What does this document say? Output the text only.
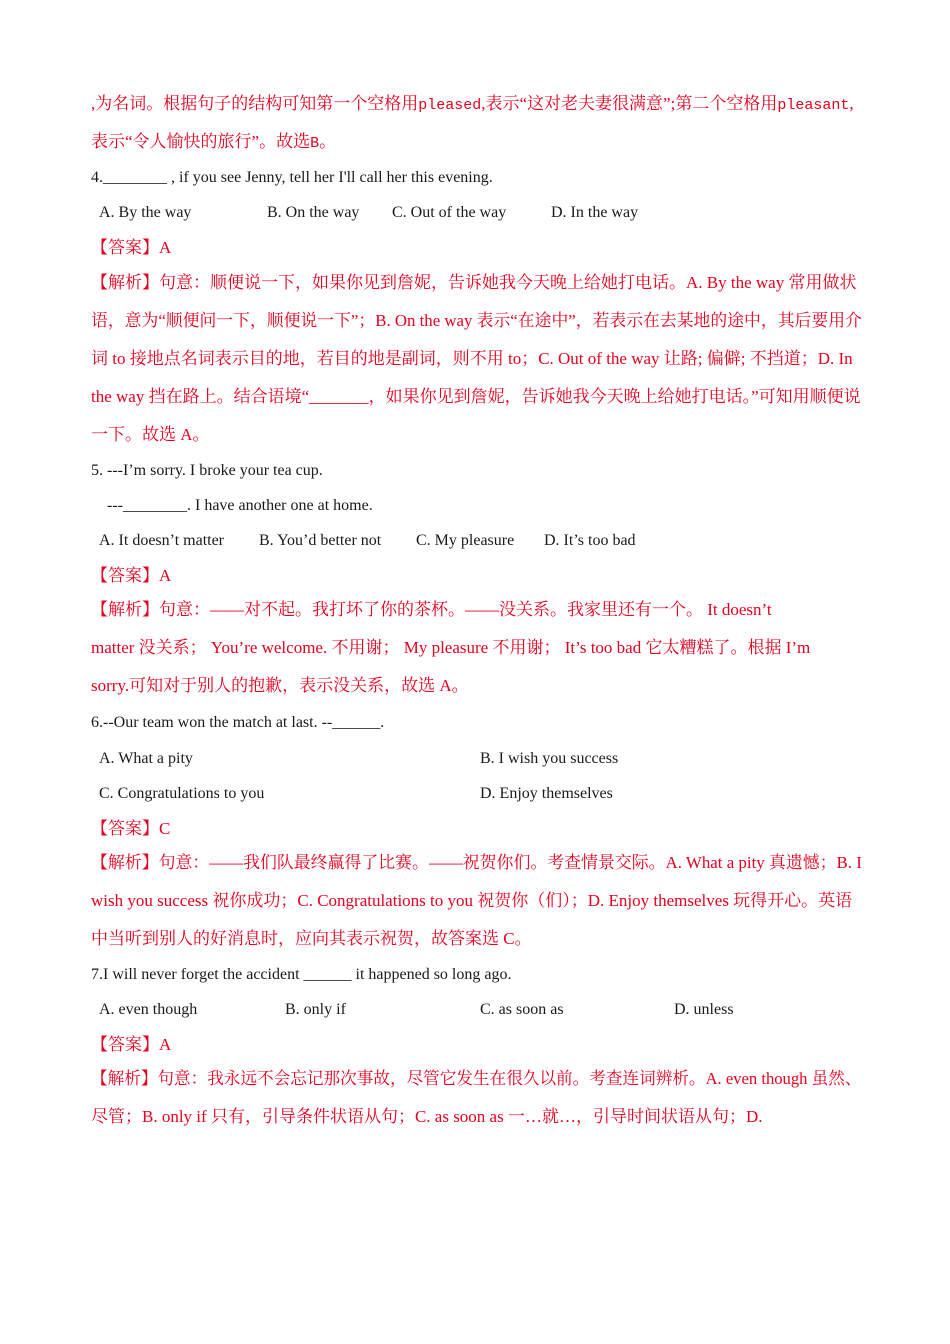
,为名词。根据句子的结构可知第一个空格用pleased,表示“这对老夫妻很满意”;第二个空格用pleasant,
表示“令人愉快的旅行”。故选B。
4.________ , if you see Jenny, tell her I'll call her this evening.
A. By the way	B. On the way C. Out of the way	D. In the way
【答案】A
【解析】句意：顺便说一下，如果你见到詹妮，告诉她我今天晚上给她打电话。A. By the way 常用做状
语，意为“顺便问一下，顺便说一下”；B. On the way 表示“在途中”，若表示在去某地的途中，其后要用介
词 to 接地点名词表示目的地，若目的地是副词，则不用 to；C. Out of the way 让路; 偏僻; 不挡道；D. In
the way 挡在路上。结合语境“_______，如果你见到詹妮，告诉她我今天晚上给她打电话。”可知用顺便说
一下。故选 A。
5. ---I’m sorry. I broke your tea cup.
---________. I have another one at home.
A. It doesn’t matter B. You’d better not C. My pleasure D. It’s too bad
【答案】A
【解析】句意：——对不起。我打坏了你的茶杯。——没关系。我家里还有一个。 It doesn’t
matter 没关系； You’re welcome. 不用谢； My pleasure 不用谢； It’s too bad 它太糟糕了。根据 I’m
sorry.可知对于别人的抱歉，表示没关系，故选 A。
6.--Our team won the match at last. --______.
A. What a pity	B. I wish you success
C. Congratulations to you	D. Enjoy themselves
【答案】C
【解析】句意：——我们队最终赢得了比赛。——祝贺你们。考查情景交际。A. What a pity 真遗憾；B. I
wish you success 祝你成功；C. Congratulations to you 祝贺你（们）；D. Enjoy themselves 玩得开心。英语
中当听到别人的好消息时，应向其表示祝贺，故答案选 C。
7.I will never forget the accident ______ it happened so long ago.
A. even though	B. only if	C. as soon as	D. unless
【答案】A
【解析】句意：我永远不会忘记那次事故，尽管它发生在很久以前。考查连词辨析。A. even though 虽然、
尽管；B. only if 只有，引导条件状语从句；C. as soon as 一…就…，引导时间状语从句；D.
